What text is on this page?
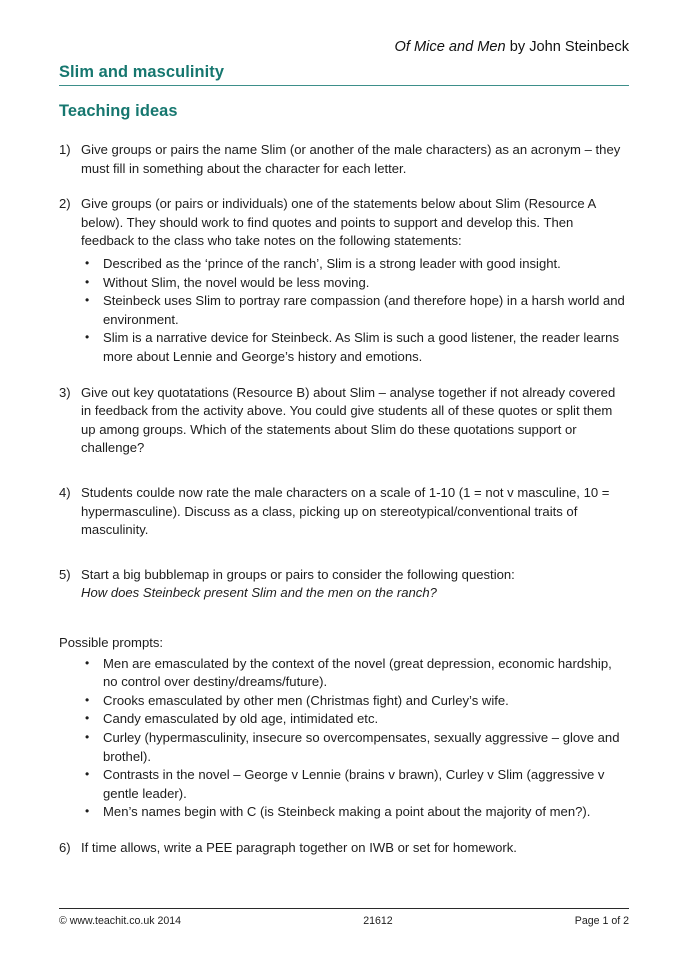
Of Mice and Men by John Steinbeck
Slim and masculinity
Teaching ideas
1) Give groups or pairs the name Slim (or another of the male characters) as an acronym – they must fill in something about the character for each letter.
2) Give groups (or pairs or individuals) one of the statements below about Slim (Resource A below). They should work to find quotes and points to support and develop this. Then feedback to the class who take notes on the following statements:
• Described as the ‘prince of the ranch’, Slim is a strong leader with good insight.
• Without Slim, the novel would be less moving.
• Steinbeck uses Slim to portray rare compassion (and therefore hope) in a harsh world and environment.
• Slim is a narrative device for Steinbeck. As Slim is such a good listener, the reader learns more about Lennie and George’s history and emotions.
3) Give out key quotatations (Resource B) about Slim – analyse together if not already covered in feedback from the activity above. You could give students all of these quotes or split them up among groups. Which of the statements about Slim do these quotations support or challenge?
4) Students coulde now rate the male characters on a scale of 1-10 (1 = not v masculine, 10 = hypermasculine). Discuss as a class, picking up on stereotypical/conventional traits of masculinity.
5) Start a big bubblemap in groups or pairs to consider the following question:
How does Steinbeck present Slim and the men on the ranch?
Possible prompts:
• Men are emasculated by the context of the novel (great depression, economic hardship, no control over destiny/dreams/future).
• Crooks emasculated by other men (Christmas fight) and Curley’s wife.
• Candy emasculated by old age, intimidated etc.
• Curley (hypermasculinity, insecure so overcompensates, sexually aggressive – glove and brothel).
• Contrasts in the novel – George v Lennie (brains v brawn), Curley v Slim (aggressive v gentle leader).
• Men’s names begin with C (is Steinbeck making a point about the majority of men?).
6) If time allows, write a PEE paragraph together on IWB or set for homework.
© www.teachit.co.uk 2014	21612	Page 1 of 2
